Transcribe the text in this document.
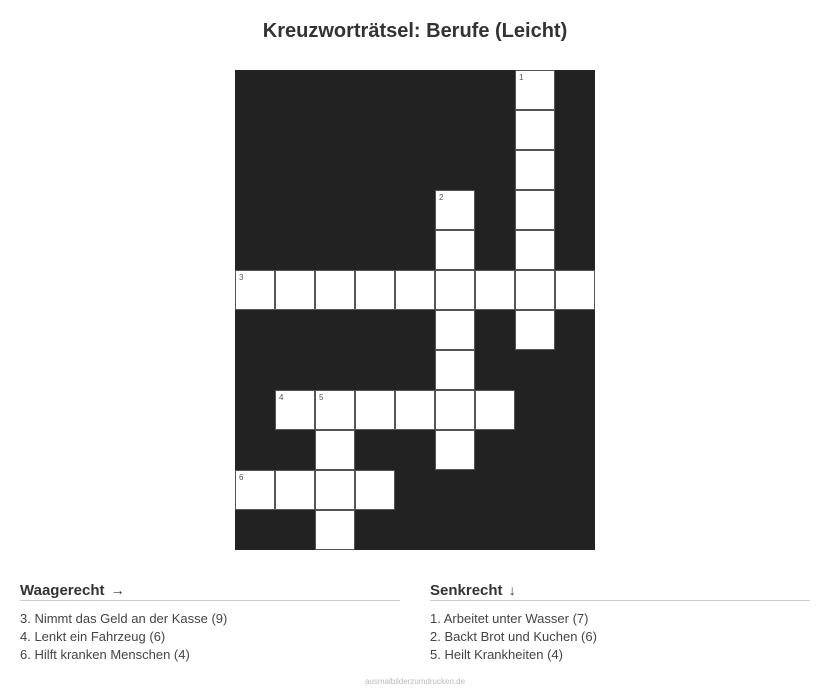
Kreuzworträtsel: Berufe (Leicht)
1
2
3
4	5
6
Waagerecht →
3. Nimmt das Geld an der Kasse (9)
4. Lenkt ein Fahrzeug (6)
6. Hilft kranken Menschen (4)
Senkrecht ↓
1. Arbeitet unter Wasser (7)
2. Backt Brot und Kuchen (6)
5. Heilt Krankheiten (4)
ausmalbilderzumdrucken.de
